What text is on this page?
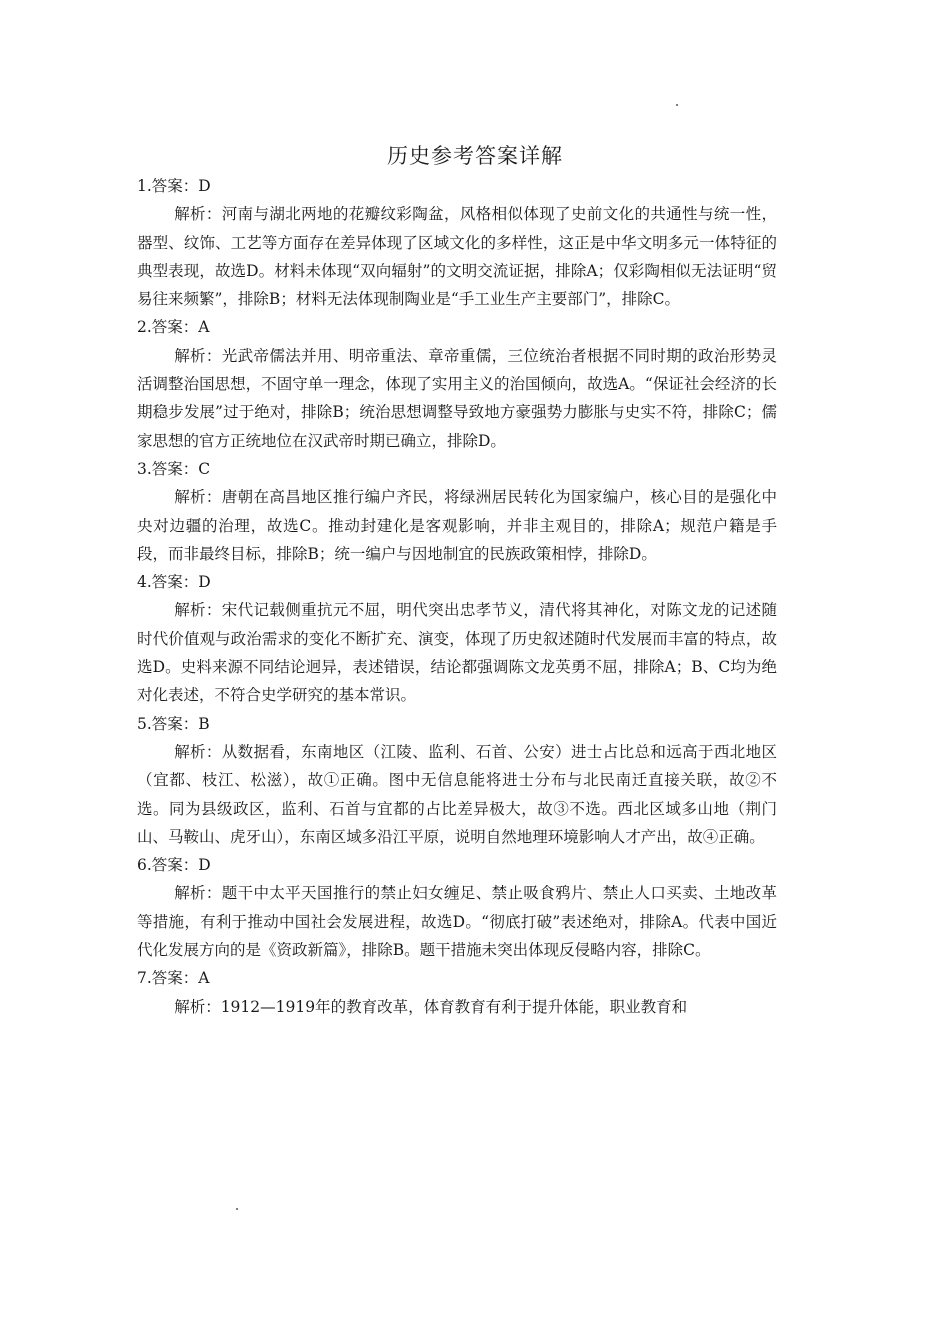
历史参考答案详解
1.答案：D

解析：河南与湖北两地的花瓣纹彩陶盆，风格相似体现了史前文化的共通性与统一性，器型、纹饰、工艺等方面存在差异体现了区域文化的多样性，这正是中华文明多元一体特征的典型表现，故选D。材料未体现“双向辐射”的文明交流证据，排除A；仅彩陶相似无法证明“贸易往来频繁”，排除B；材料无法体现制陶业是“手工业生产主要部门”，排除C。

2.答案：A

解析：光武帝儒法并用、明帝重法、章帝重儒，三位统治者根据不同时期的政治形势灵活调整治国思想，不固守单一理念，体现了实用主义的治国倾向，故选A。“保证社会经济的长期稳步发展”过于绝对，排除B；统治思想调整导致地方豪强势力膨胀与史实不符，排除C；儒家思想的官方正统地位在汉武帝时期已确立，排除D。

3.答案：C

解析：唐朝在高昌地区推行编户齐民，将绿洲居民转化为国家编户，核心目的是强化中央对边疆的治理，故选C。推动封建化是客观影响，并非主观目的，排除A；规范户籍是手段，而非最终目标，排除B；统一编户与因地制宜的民族政策相悖，排除D。

4.答案：D

解析：宋代记载侧重抗元不屈，明代突出忠孝节义，清代将其神化，对陈文龙的记述随时代价值观与政治需求的变化不断扩充、演变，体现了历史叙述随时代发展而丰富的特点，故选D。史料来源不同结论迥异，表述错误，结论都强调陈文龙英勇不屈，排除A；B、C均为绝对化表述，不符合史学研究的基本常识。

5.答案：B

解析：从数据看，东南地区（江陵、监利、石首、公安）进士占比总和远高于西北地区（宜都、枝江、松滋），故①正确。图中无信息能将进士分布与北民南迁直接关联，故②不选。同为县级政区，监利、石首与宜都的占比差异极大，故③不选。西北区域多山地（荆门山、马鞍山、虎牙山），东南区域多沿江平原，说明自然地理环境影响人才产出，故④正确。

6.答案：D

解析：题干中太平天国推行的禁止妇女缠足、禁止吸食鸦片、禁止人口买卖、土地改革等措施，有利于推动中国社会发展进程，故选D。“彻底打破”表述绝对，排除A。代表中国近代化发展方向的是《资政新篇》，排除B。题干措施未突出体现反侵略内容，排除C。

7.答案：A

解析：1912—1919年的教育改革，体育教育有利于提升体能，职业教育和
